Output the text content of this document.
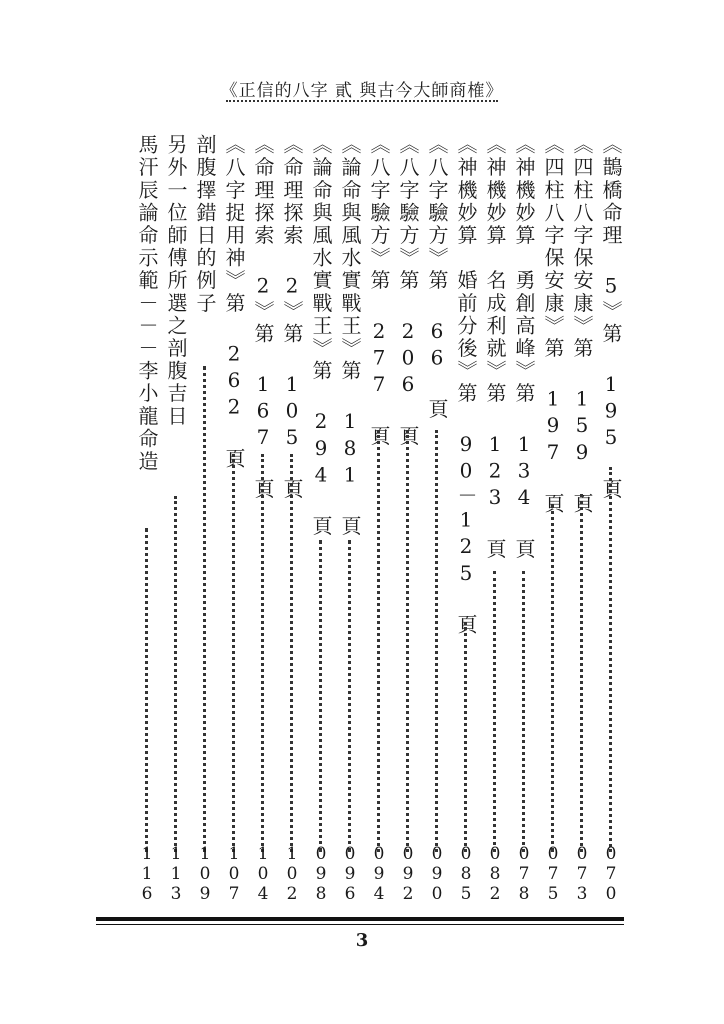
《正信的八字 貳 與古今大師商榷》
《鵲橋命理 5》第 195 頁
070
《四柱八字保安康》第 159 頁
073
《四柱八字保安康》第 197 頁
075
《神機妙算　勇創高峰》第 134 頁
078
《神機妙算　名成利就》第 123 頁
082
《神機妙算　婚前分後》第 90－125 頁
085
《八字驗方》第 66 頁
090
《八字驗方》第 206 頁
092
《八字驗方》第 277 頁
094
《論命與風水實戰王》第 181 頁
096
《論命與風水實戰王》第 294 頁
098
《命理探索 2》第 105 頁
102
《命理探索 2》第 167 頁
104
《八字捉用神》第 262 頁
107
剖腹擇錯日的例子
109
另外一位師傅所選之剖腹吉日
113
馬汗辰論命示範－－－李小龍命造
116
3
